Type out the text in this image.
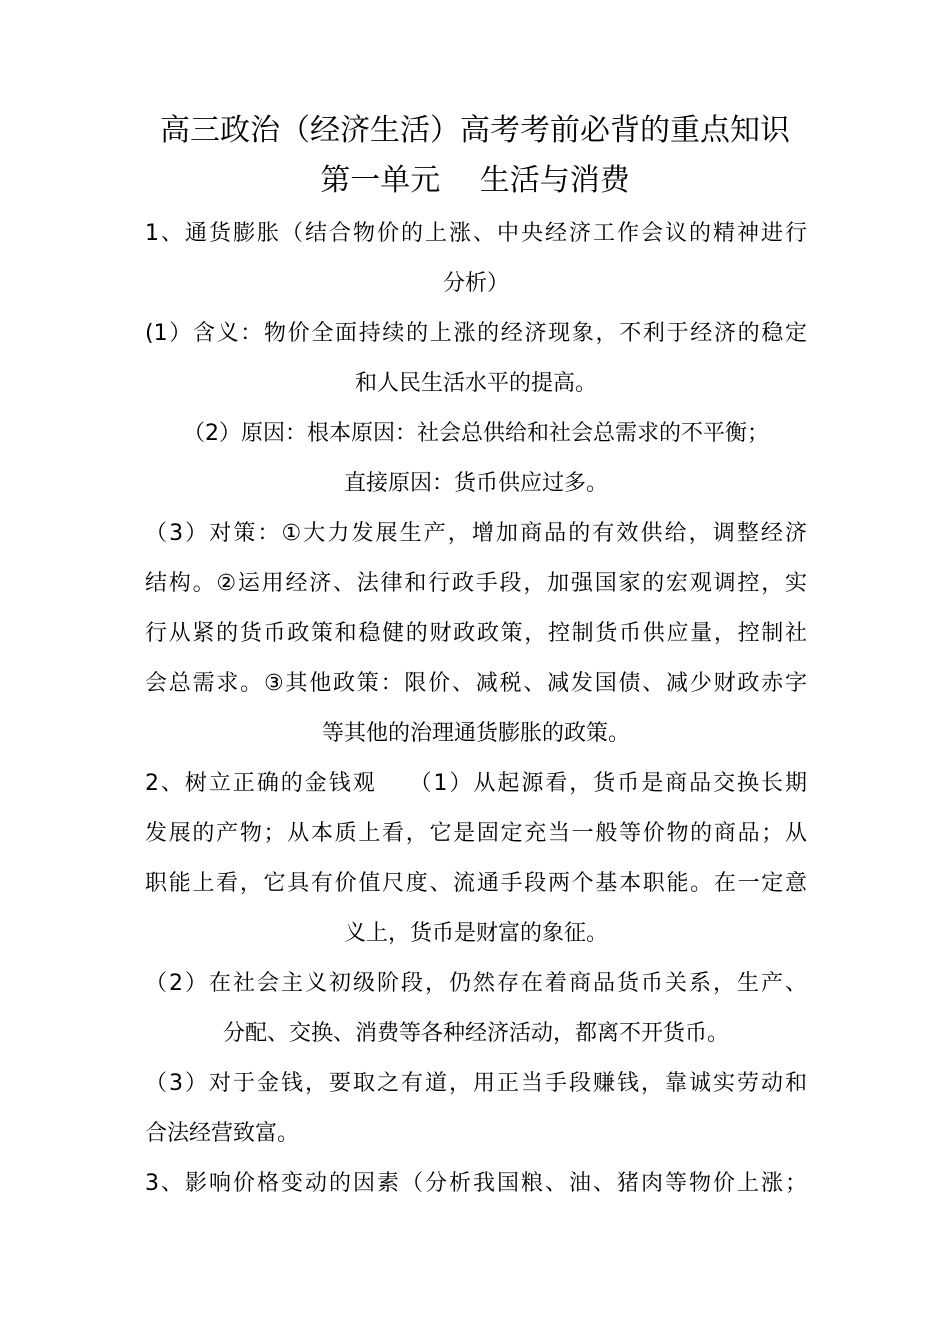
高三政治（经济生活）高考考前必背的重点知识
第一单元　 生活与消费
1、通货膨胀（结合物价的上涨、中央经济工作会议的精神进行
分析）
(1）含义：物价全面持续的上涨的经济现象，不利于经济的稳定
和人民生活水平的提高。
（2）原因：根本原因：社会总供给和社会总需求的不平衡；
直接原因：货币供应过多。
（3）对策：①大力发展生产，增加商品的有效供给，调整经济
结构。②运用经济、法律和行政手段，加强国家的宏观调控，实
行从紧的货币政策和稳健的财政政策，控制货币供应量，控制社
会总需求。③其他政策：限价、减税、减发国债、减少财政赤字
等其他的治理通货膨胀的政策。
2、树立正确的金钱观　 （1）从起源看，货币是商品交换长期
发展的产物；从本质上看，它是固定充当一般等价物的商品；从
职能上看，它具有价值尺度、流通手段两个基本职能。在一定意
义上，货币是财富的象征。
（2）在社会主义初级阶段，仍然存在着商品货币关系，生产、
分配、交换、消费等各种经济活动，都离不开货币。
（3）对于金钱，要取之有道，用正当手段赚钱，靠诚实劳动和
合法经营致富。
3、影响价格变动的因素（分析我国粮、油、猪肉等物价上涨；
